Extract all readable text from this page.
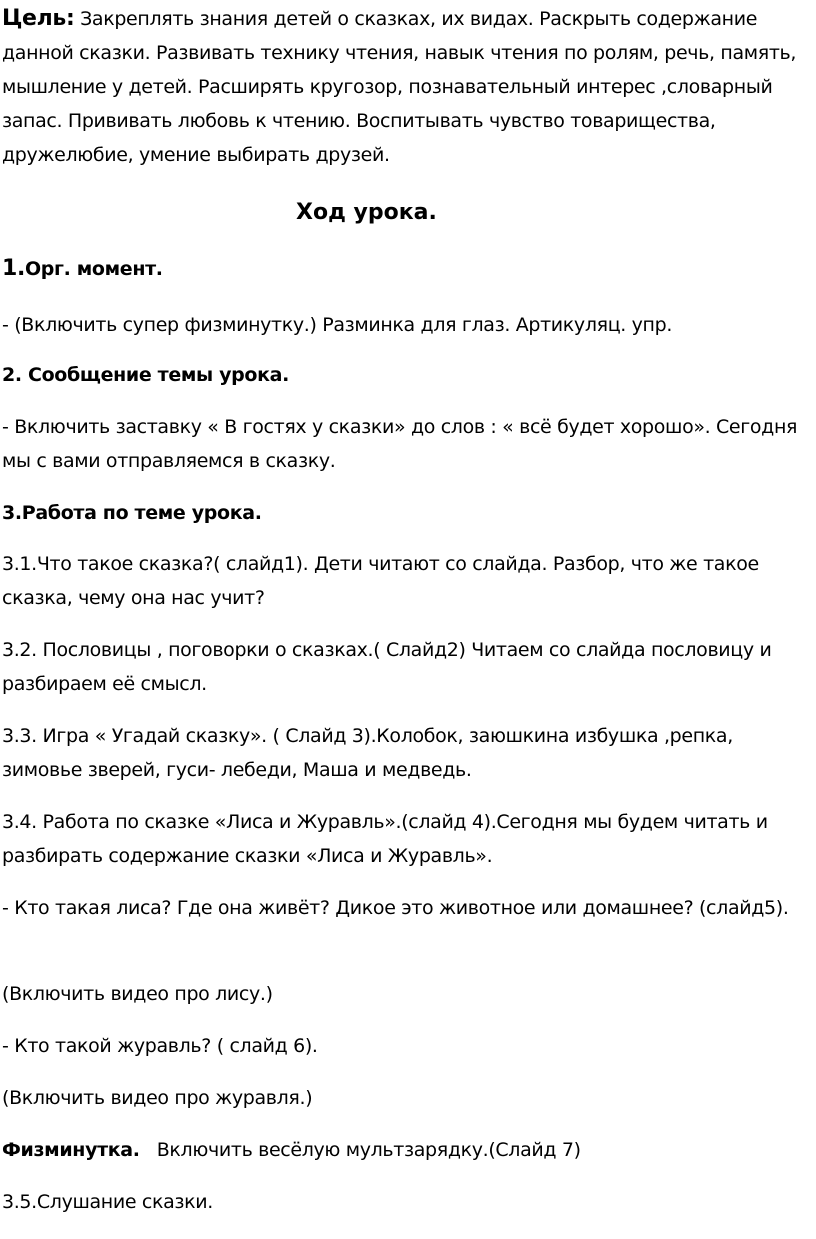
Цель: Закреплять знания детей о сказках, их видах. Раскрыть содержание данной сказки. Развивать технику чтения, навык чтения по ролям, речь, память, мышление у детей. Расширять кругозор, познавательный интерес ,словарный запас. Прививать любовь к чтению. Воспитывать чувство товарищества, дружелюбие, умение выбирать друзей.

Ход урока.

1.Орг. момент.

- (Включить супер физминутку.) Разминка для глаз. Артикуляц. упр.

2. Сообщение темы урока.

- Включить заставку « В гостях у сказки» до слов : « всё будет хорошо». Сегодня мы с вами отправляемся в сказку.

3.Работа по теме урока.

3.1.Что такое сказка?( слайд1). Дети читают со слайда. Разбор, что же такое сказка, чему она нас учит?

3.2. Пословицы , поговорки о сказках.( Слайд2) Читаем со слайда пословицу и разбираем её смысл.

3.3. Игра « Угадай сказку». ( Слайд 3).Колобок, заюшкина избушка ,репка, зимовье зверей, гуси- лебеди, Маша и медведь.

3.4. Работа по сказке «Лиса и Журавль».(слайд 4).Сегодня мы будем читать и разбирать содержание сказки «Лиса и Журавль».

- Кто такая лиса? Где она живёт? Дикое это животное или домашнее? (слайд5).

(Включить видео про лису.)

- Кто такой журавль? ( слайд 6).

(Включить видео про журавля.)

Физминутка.   Включить весёлую мультзарядку.(Слайд 7)

3.5.Слушание сказки.
